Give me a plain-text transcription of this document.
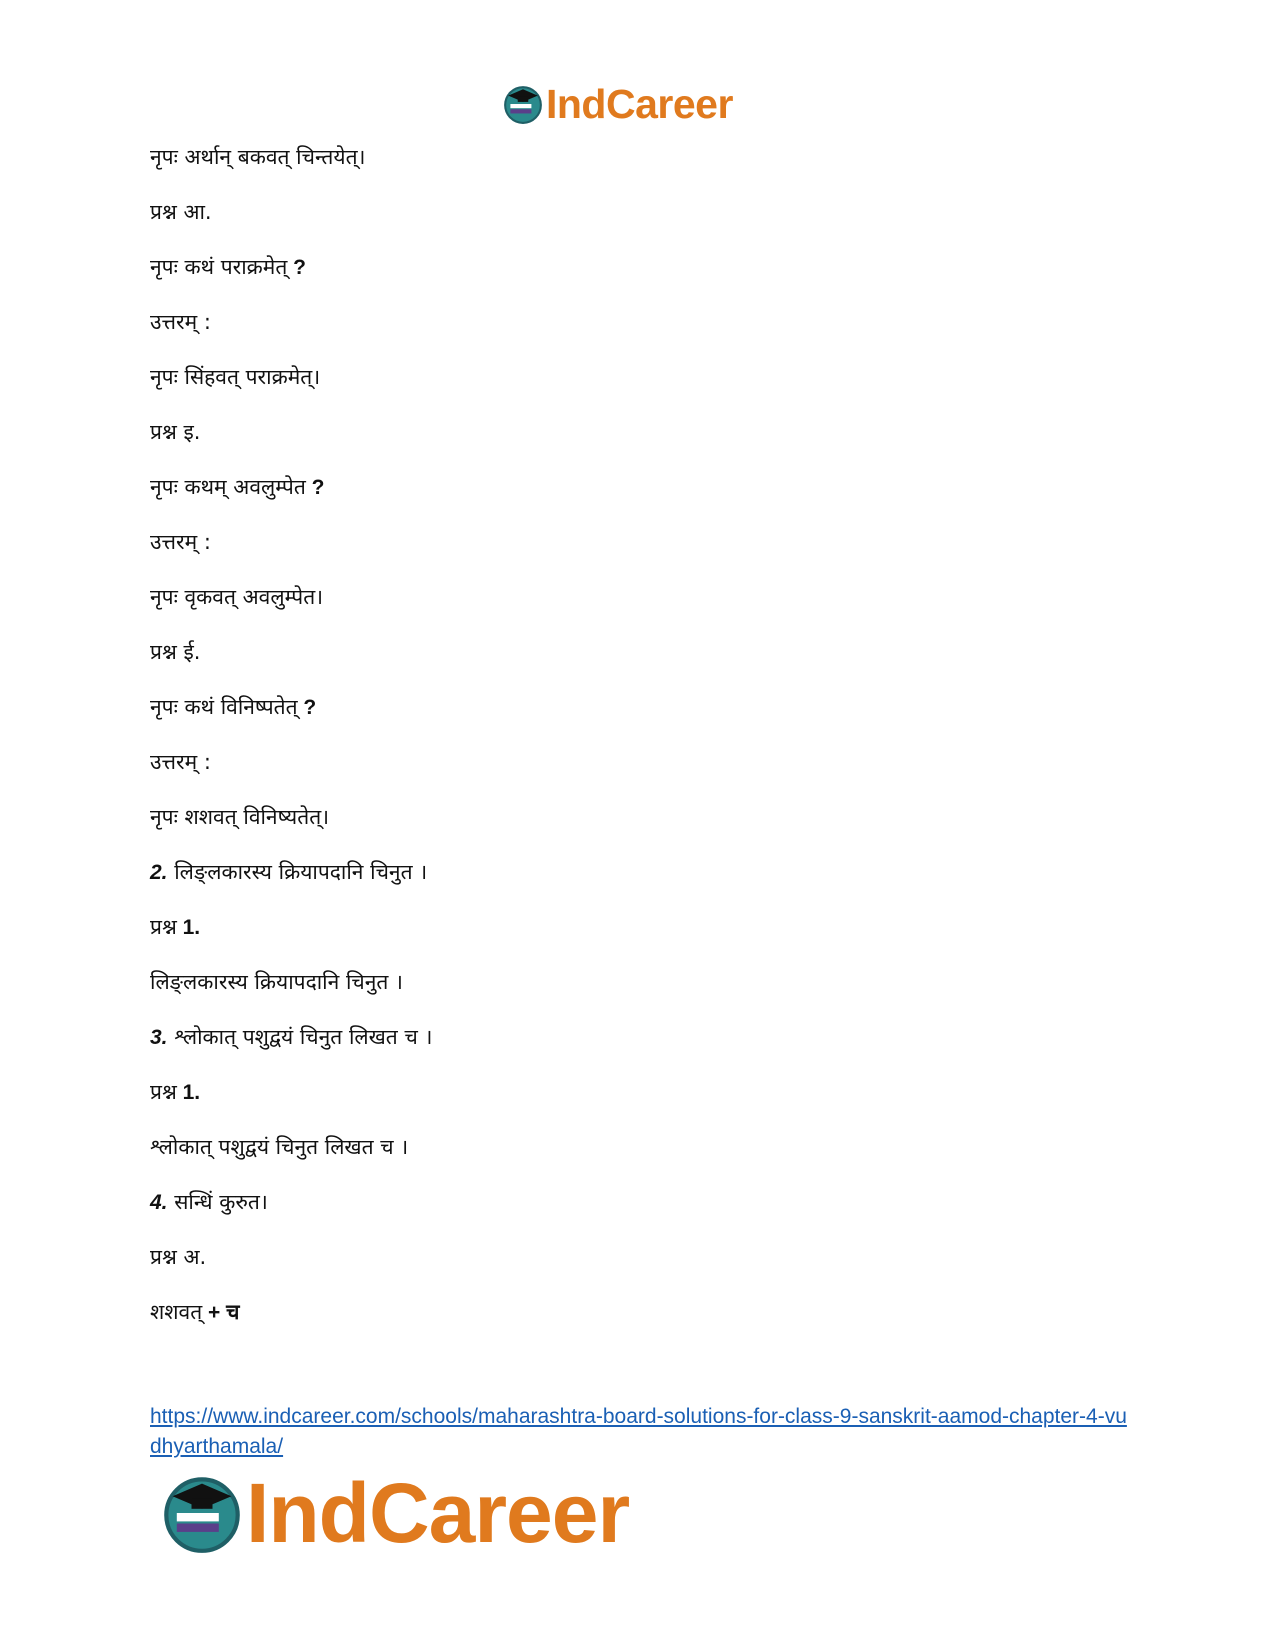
IndCareer
नृपः अर्थान् बकवत् चिन्तयेत्।
प्रश्न आ.
नृपः कथं पराक्रमेत् ?
उत्तरम् :
नृपः सिंहवत् पराक्रमेत्।
प्रश्न इ.
नृपः कथम् अवलुम्पेत ?
उत्तरम् :
नृपः वृकवत् अवलुम्पेत।
प्रश्न ई.
नृपः कथं विनिष्पतेत् ?
उत्तरम् :
नृपः शशवत् विनिष्यतेत्।
2. लिङ्लकारस्य क्रियापदानि चिनुत ।
प्रश्न 1.
लिङ्लकारस्य क्रियापदानि चिनुत ।
3. श्लोकात् पशुद्वयं चिनुत लिखत च ।
प्रश्न 1.
श्लोकात् पशुद्वयं चिनुत लिखत च ।
4. सन्धिं कुरुत।
प्रश्न अ.
शशवत् + च
https://www.indcareer.com/schools/maharashtra-board-solutions-for-class-9-sanskrit-aamod-chapter-4-vudhyarthamala/
IndCareer
